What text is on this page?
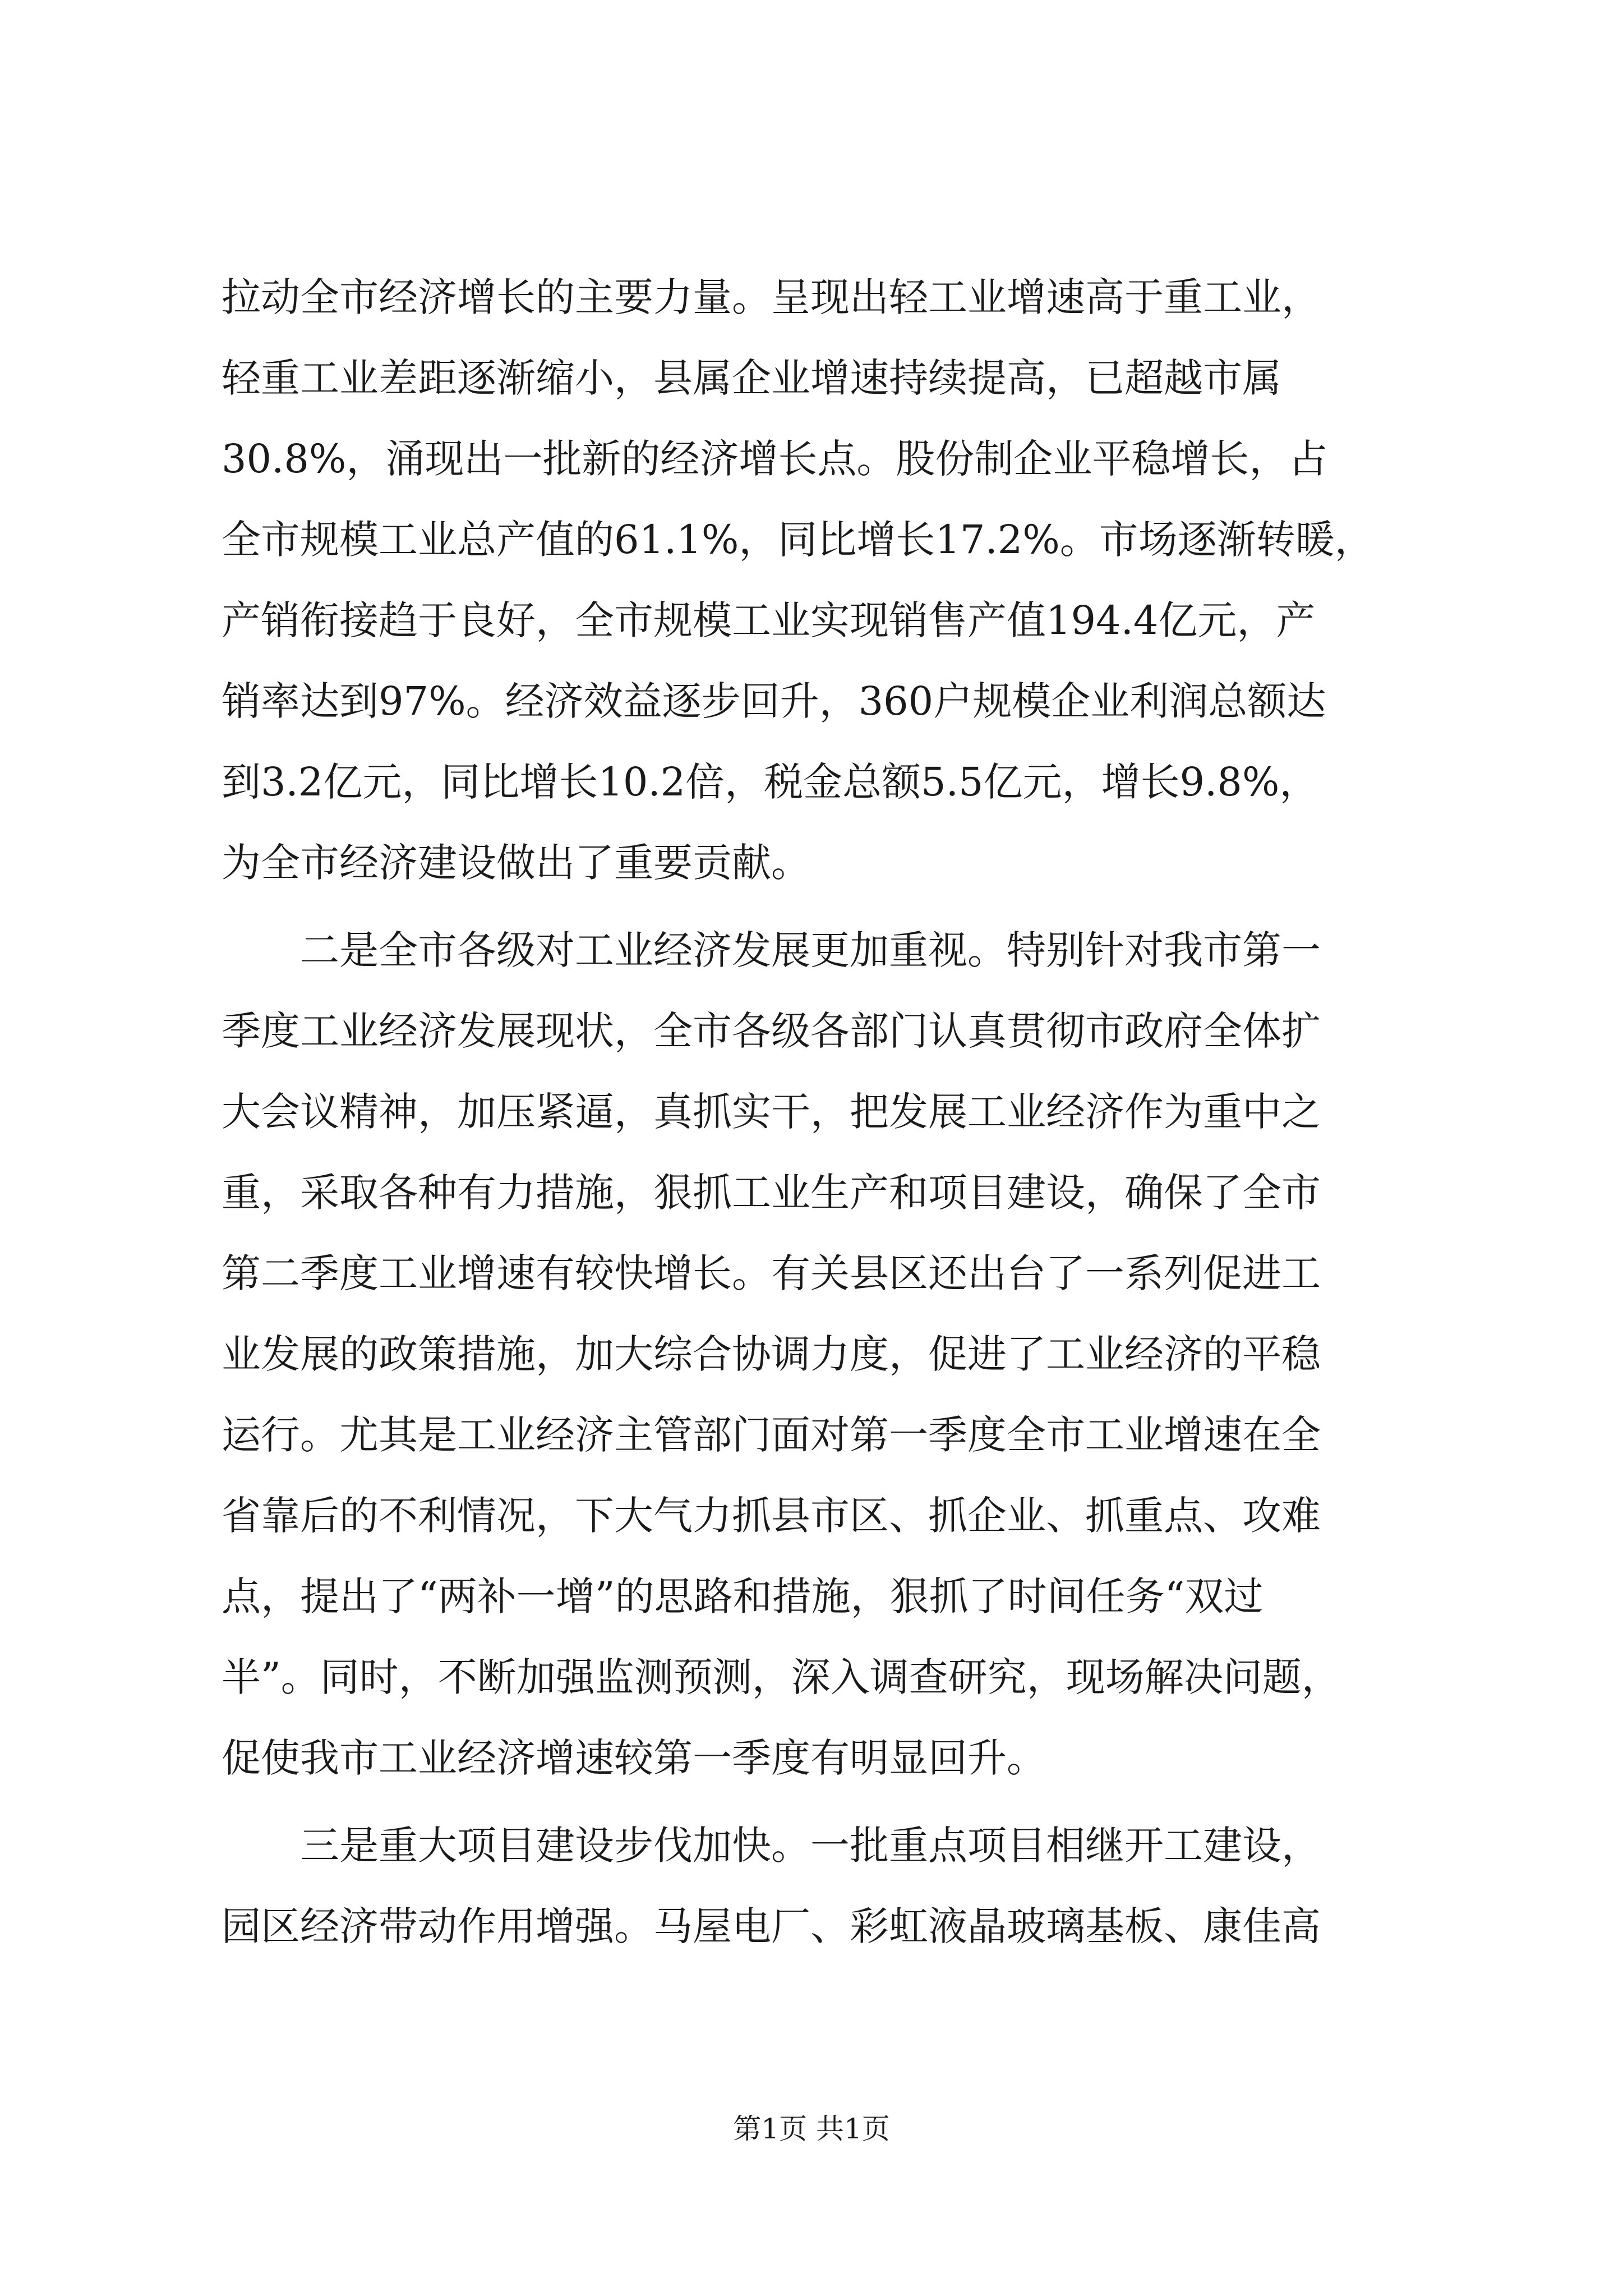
拉动全市经济增长的主要力量。呈现出轻工业增速高于重工业，
轻重工业差距逐渐缩小，县属企业增速持续提高，已超越市属
30.8%，涌现出一批新的经济增长点。股份制企业平稳增长，占
全市规模工业总产值的61.1%，同比增长17.2%。市场逐渐转暖，
产销衔接趋于良好，全市规模工业实现销售产值194.4亿元，产
销率达到97%。经济效益逐步回升，360户规模企业利润总额达
到3.2亿元，同比增长10.2倍，税金总额5.5亿元，增长9.8%，
为全市经济建设做出了重要贡献。
　　二是全市各级对工业经济发展更加重视。特别针对我市第一
季度工业经济发展现状，全市各级各部门认真贯彻市政府全体扩
大会议精神，加压紧逼，真抓实干，把发展工业经济作为重中之
重，采取各种有力措施，狠抓工业生产和项目建设，确保了全市
第二季度工业增速有较快增长。有关县区还出台了一系列促进工
业发展的政策措施，加大综合协调力度，促进了工业经济的平稳
运行。尤其是工业经济主管部门面对第一季度全市工业增速在全
省靠后的不利情况，下大气力抓县市区、抓企业、抓重点、攻难
点，提出了“两补一增”的思路和措施，狠抓了时间任务“双过
半”。同时，不断加强监测预测，深入调查研究，现场解决问题，
促使我市工业经济增速较第一季度有明显回升。
　　三是重大项目建设步伐加快。一批重点项目相继开工建设，
园区经济带动作用增强。马屋电厂、彩虹液晶玻璃基板、康佳高
第1页 共1页
